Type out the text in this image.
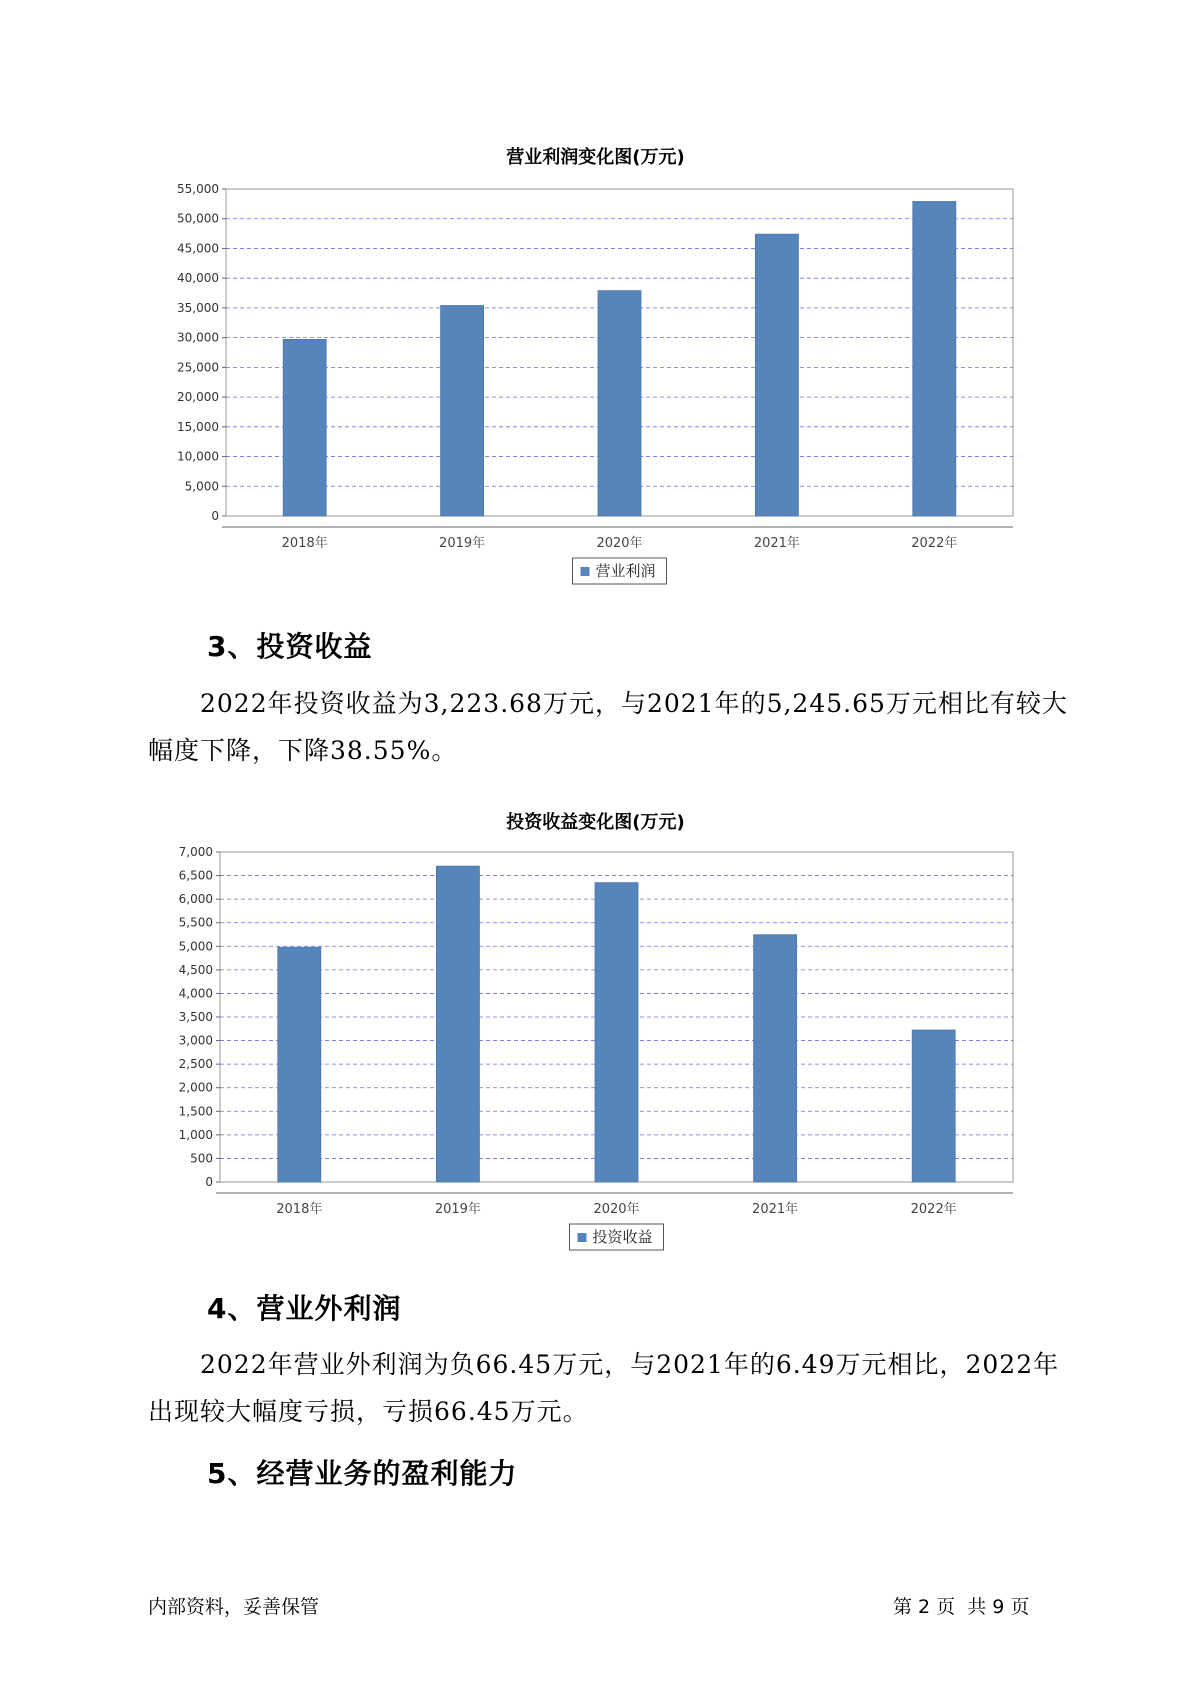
营业利润变化图(万元)
0
5,000
10,000
15,000
20,000
25,000
30,000
35,000
40,000
45,000
50,000
55,000
2018年	2019年	2020年	2021年	2022年
营业利润
3、投资收益

2022年投资收益为3,223.68万元，与2021年的5,245.65万元相比有较大幅度下降，下降38.55%。

投资收益变化图(万元)
0
500
1,000
1,500
2,000
2,500
3,000
3,500
4,000
4,500
5,000
5,500
6,000
6,500
7,000
2018年	2019年	2020年	2021年	2022年
投资收益
4、营业外利润

2022年营业外利润为负66.45万元，与2021年的6.49万元相比，2022年出现较大幅度亏损，亏损66.45万元。

5、经营业务的盈利能力
内部资料，妥善保管	第 2 页  共 9 页
